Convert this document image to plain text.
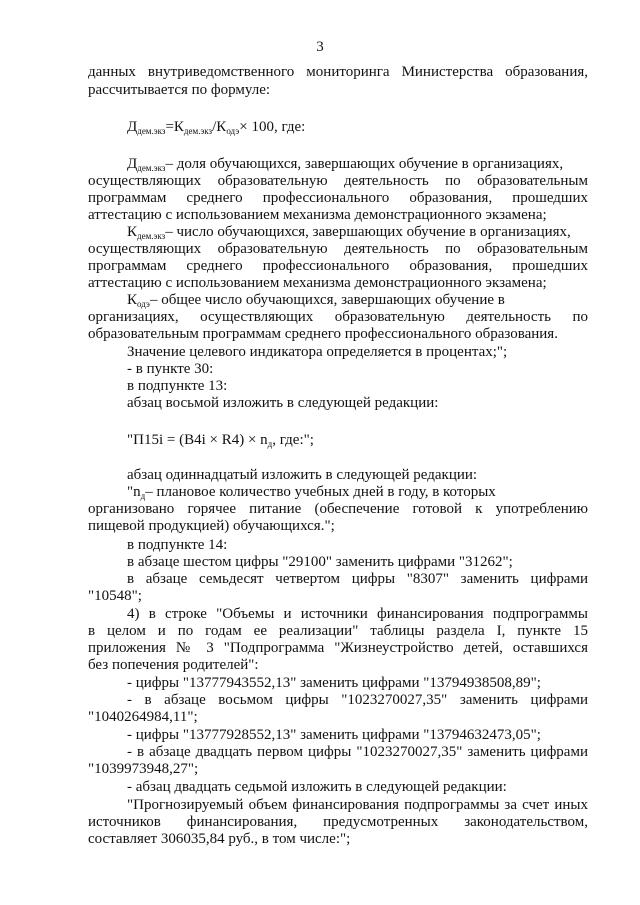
3
данных внутриведомственного мониторинга Министерства образования,
рассчитывается по формуле:
$Д_{дем.экз}=К_{дем.экз}/К_{одэ}\times 100$, где:
$Д_{дем.экз}-$ доля обучающихся, завершающих обучение в организациях,
осуществляющих образовательную деятельность по образовательным
программам среднего профессионального образования, прошедших
аттестацию с использованием механизма демонстрационного экзамена;
$К_{дем.экз}-$ число обучающихся, завершающих обучение в организациях,
осуществляющих образовательную деятельность по образовательным
программам среднего профессионального образования, прошедших
аттестацию с использованием механизма демонстрационного экзамена;
$К_{одэ}-$ общее число обучающихся, завершающих обучение в
организациях, осуществляющих образовательную деятельность по
образовательным программам среднего профессионального образования.
Значение целевого индикатора определяется в процентах;";
- в пункте 30:
в подпункте 13:
абзац восьмой изложить в следующей редакции:
"$П15i = (В4i \times R4) \times n_д$, где:";
абзац одиннадцатый изложить в следующей редакции:
"$n_д-$ плановое количество учебных дней в году, в которых
организовано горячее питание (обеспечение готовой к употреблению
пищевой продукцией) обучающихся.";
в подпункте 14:
в абзаце шестом цифры "29100" заменить цифрами "31262";
в абзаце семьдесят четвертом цифры "8307" заменить цифрами
"10548";
4) в строке "Объемы и источники финансирования подпрограммы
в целом и по годам ее реализации" таблицы раздела I, пункте 15
приложения № 3 "Подпрограмма "Жизнеустройство детей, оставшихся
без попечения родителей":
- цифры "13777943552,13" заменить цифрами "13794938508,89";
- в абзаце восьмом цифры "1023270027,35" заменить цифрами
"1040264984,11";
- цифры "13777928552,13" заменить цифрами "13794632473,05";
- в абзаце двадцать первом цифры "1023270027,35" заменить цифрами
"1039973948,27";
- абзац двадцать седьмой изложить в следующей редакции:
"Прогнозируемый объем финансирования подпрограммы за счет иных
источников финансирования, предусмотренных законодательством,
составляет 306035,84 руб., в том числе:";
